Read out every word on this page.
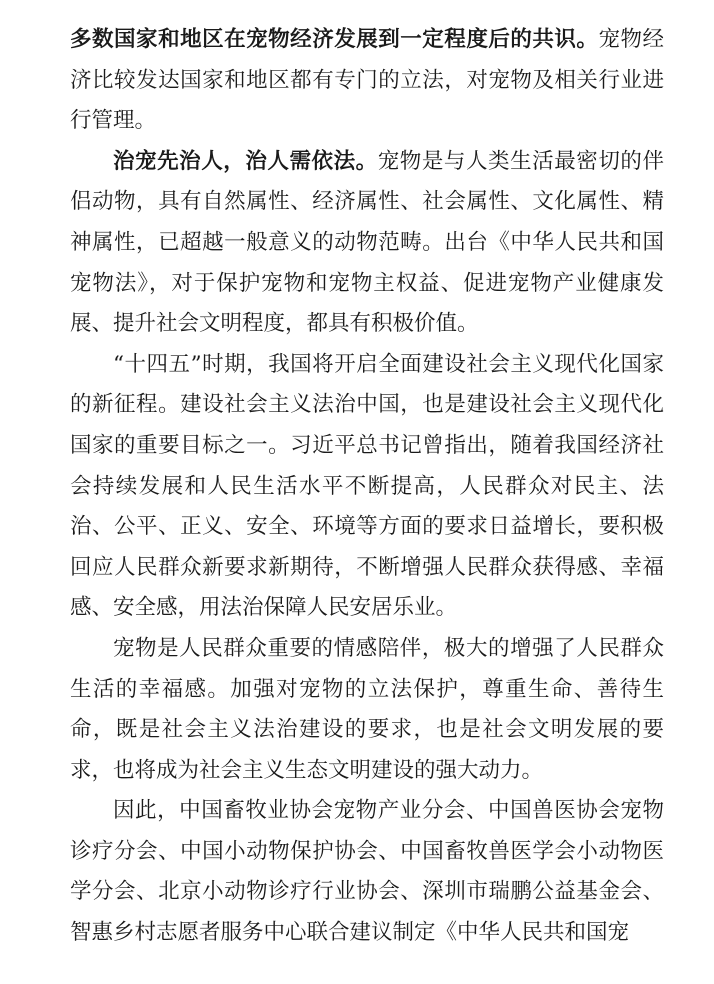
多数国家和地区在宠物经济发展到一定程度后的共识。宠物经济比较发达国家和地区都有专门的立法，对宠物及相关行业进行管理。

治宠先治人，治人需依法。宠物是与人类生活最密切的伴侣动物，具有自然属性、经济属性、社会属性、文化属性、精神属性，已超越一般意义的动物范畴。出台《中华人民共和国宠物法》，对于保护宠物和宠物主权益、促进宠物产业健康发展、提升社会文明程度，都具有积极价值。

“十四五”时期，我国将开启全面建设社会主义现代化国家的新征程。建设社会主义法治中国，也是建设社会主义现代化国家的重要目标之一。习近平总书记曾指出，随着我国经济社会持续发展和人民生活水平不断提高，人民群众对民主、法治、公平、正义、安全、环境等方面的要求日益增长，要积极回应人民群众新要求新期待，不断增强人民群众获得感、幸福感、安全感，用法治保障人民安居乐业。

宠物是人民群众重要的情感陪伴，极大的增强了人民群众生活的幸福感。加强对宠物的立法保护，尊重生命、善待生命，既是社会主义法治建设的要求，也是社会文明发展的要求，也将成为社会主义生态文明建设的强大动力。

因此，中国畜牧业协会宠物产业分会、中国兽医协会宠物诊疗分会、中国小动物保护协会、中国畜牧兽医学会小动物医学分会、北京小动物诊疗行业协会、深圳市瑞鹏公益基金会、智惠乡村志愿者服务中心联合建议制定《中华人民共和国宠
